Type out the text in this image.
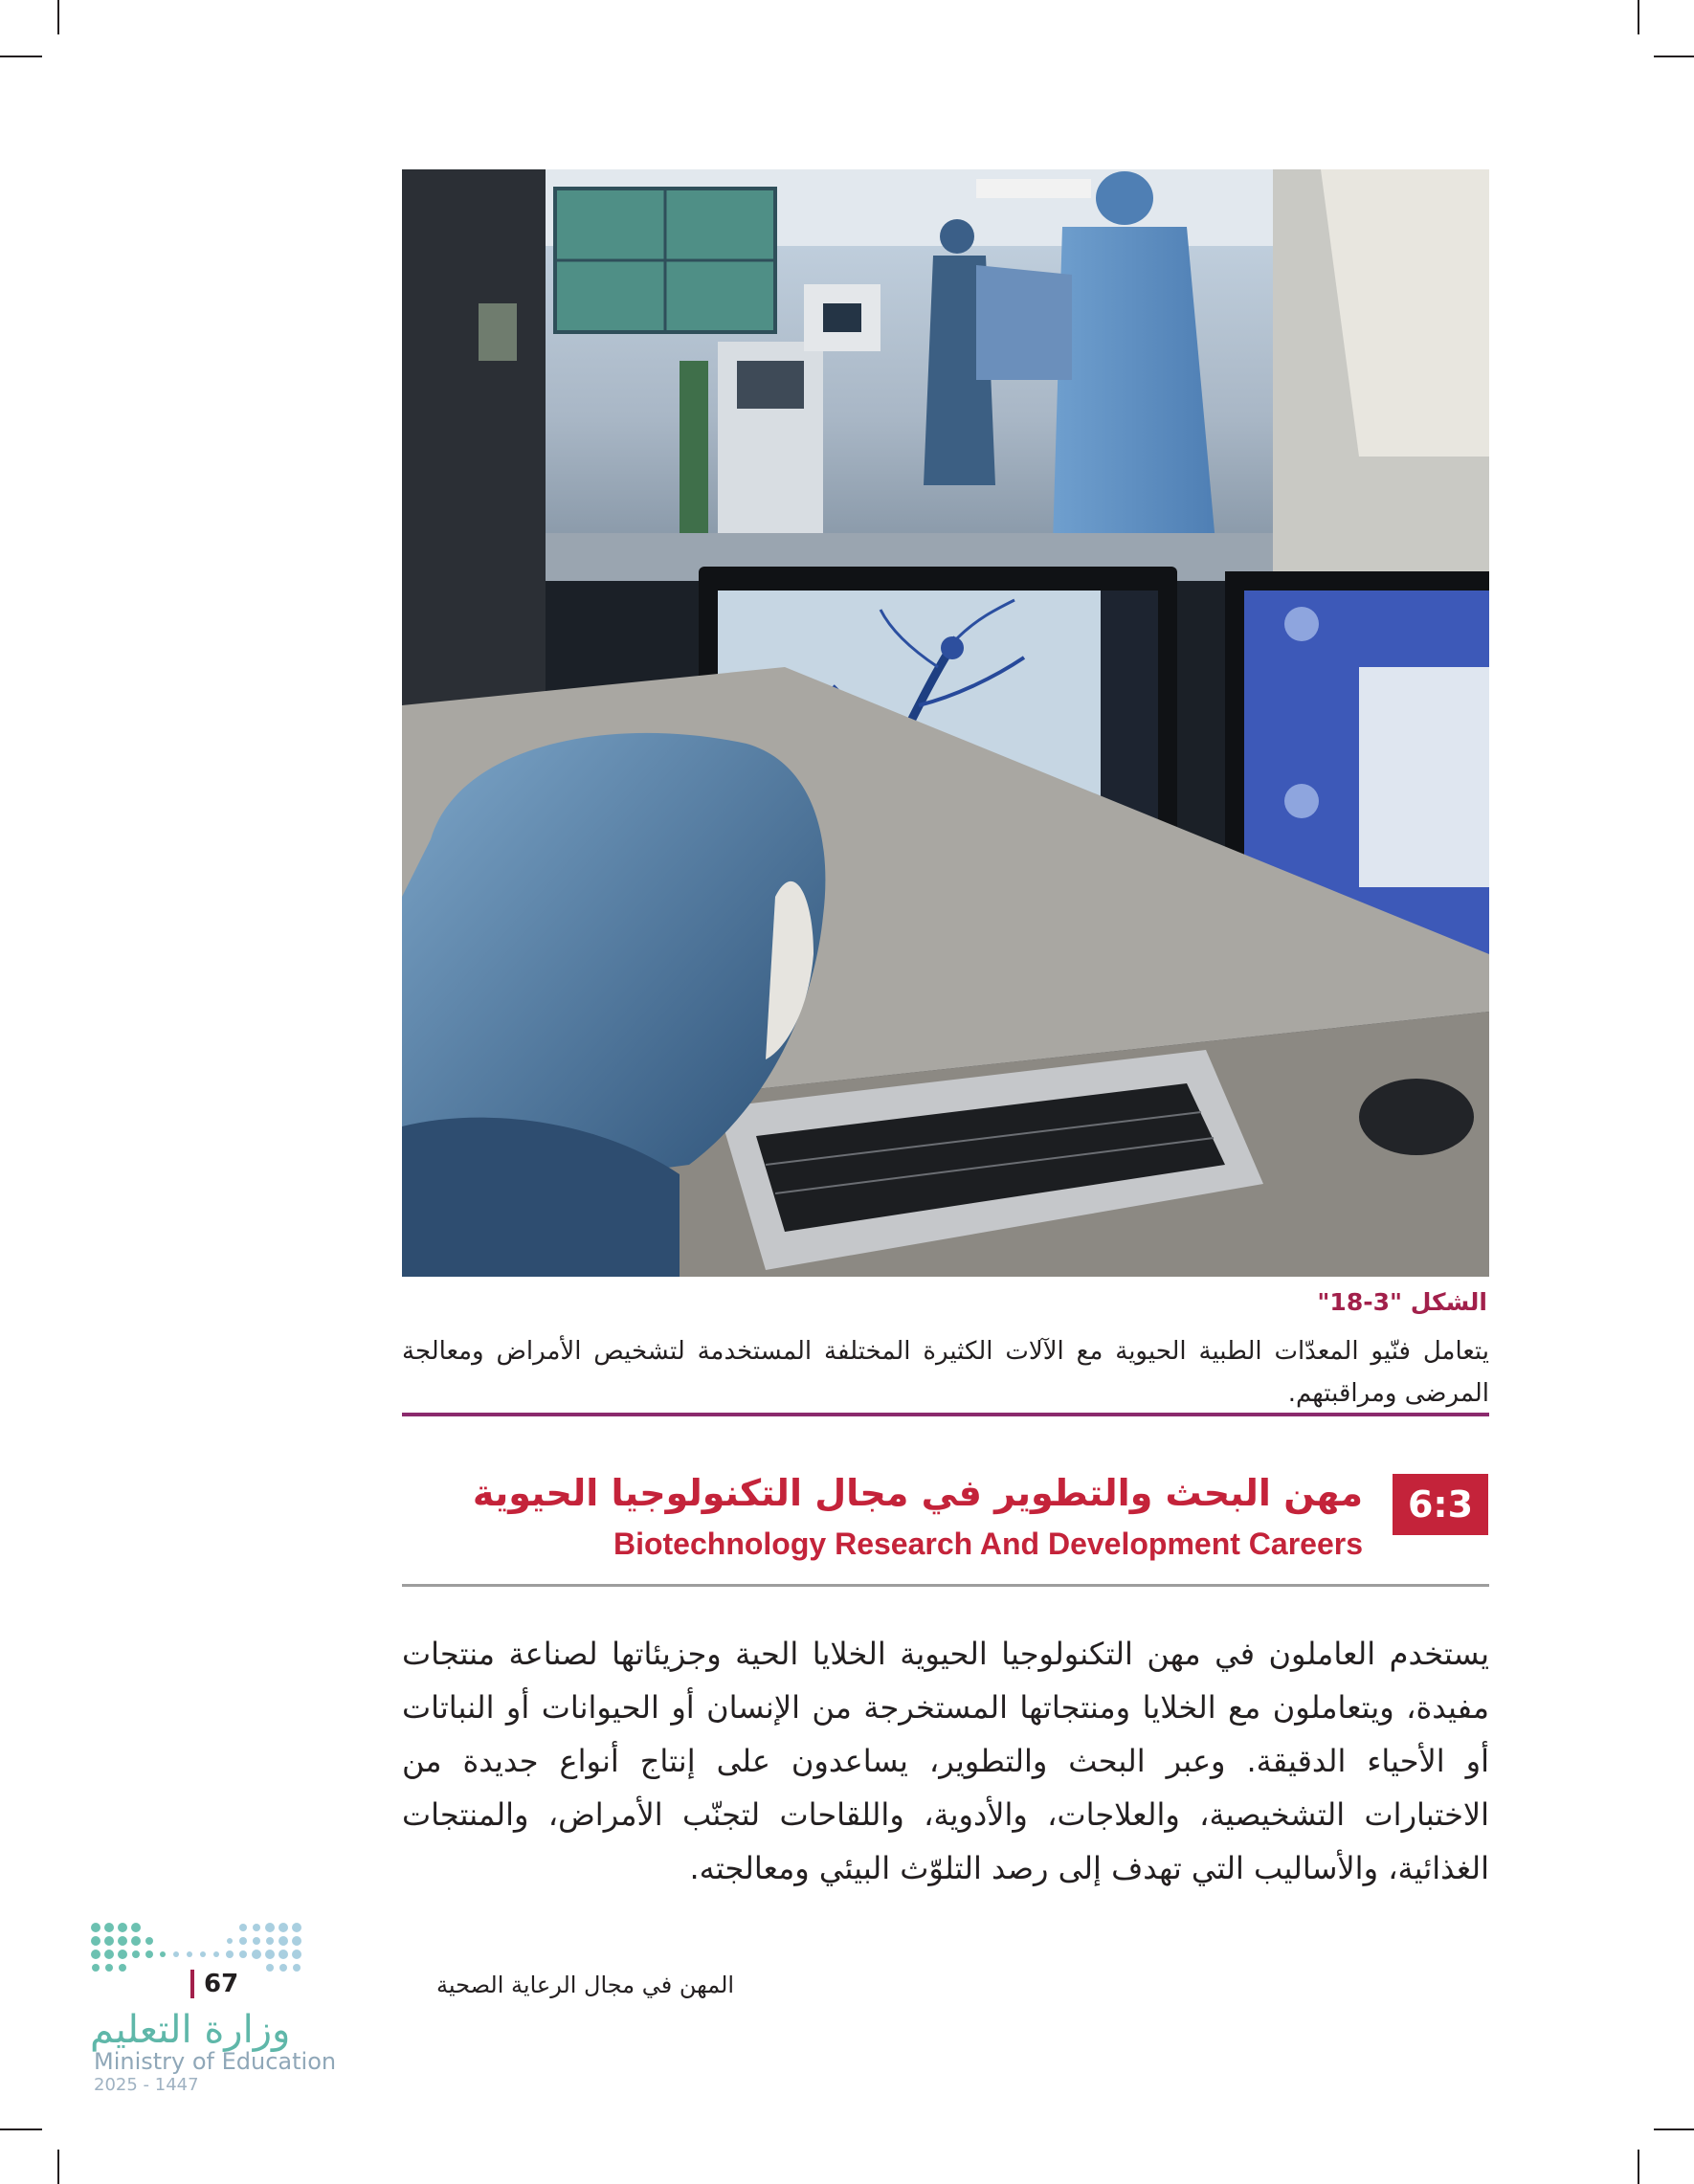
الشكل "3-18"
يتعامل فنّيو المعدّات الطبية الحيوية مع الآلات الكثيرة المختلفة المستخدمة لتشخيص الأمراض ومعالجة المرضى ومراقبتهم.
6:3
مهن البحث والتطوير في مجال التكنولوجيا الحيوية
Biotechnology Research And Development Careers
يستخدم العاملون في مهن التكنولوجيا الحيوية الخلايا الحية وجزيئاتها لصناعة منتجات مفيدة، ويتعاملون مع الخلايا ومنتجاتها المستخرجة من الإنسان أو الحيوانات أو النباتات أو الأحياء الدقيقة. وعبر البحث والتطوير، يساعدون على إنتاج أنواع جديدة من الاختبارات التشخيصية، والعلاجات، والأدوية، واللقاحات لتجنّب الأمراض، والمنتجات الغذائية، والأساليب التي تهدف إلى رصد التلوّث البيئي ومعالجته.
المهن في مجال الرعاية الصحية
67
وزارة التعليم
Ministry of Education
2025 - 1447
